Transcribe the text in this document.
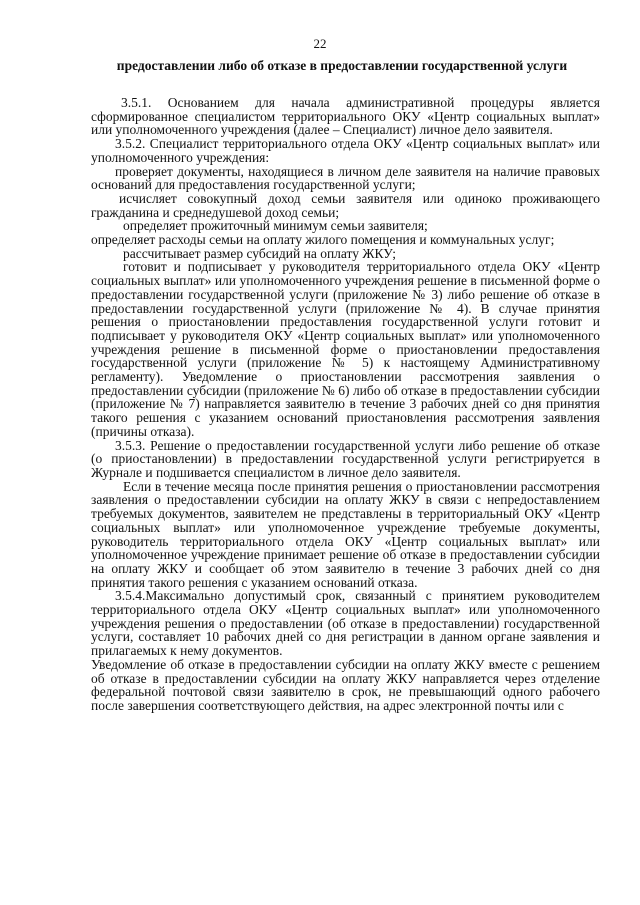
22
предоставлении либо об отказе в предоставлении государственной услуги

3.5.1. Основанием для начала административной процедуры является сформированное специалистом территориального ОКУ «Центр социальных выплат» или уполномоченного учреждения (далее – Специалист) личное дело заявителя.

3.5.2. Специалист территориального отдела ОКУ «Центр социальных выплат» или уполномоченного учреждения:

проверяет документы, находящиеся в личном деле заявителя на наличие правовых оснований для предоставления государственной услуги;

исчисляет совокупный доход семьи заявителя или одиноко проживающего гражданина и среднедушевой доход семьи;

определяет прожиточный минимум семьи заявителя;

определяет расходы семьи на оплату жилого помещения и коммунальных услуг;

рассчитывает размер субсидий на оплату ЖКУ;

готовит и подписывает у руководителя территориального отдела ОКУ «Центр социальных выплат» или уполномоченного учреждения решение в письменной форме о предоставлении государственной услуги (приложение № 3) либо решение об отказе в предоставлении государственной услуги (приложение № 4). В случае принятия решения о приостановлении предоставления государственной услуги готовит и подписывает у руководителя ОКУ «Центр социальных выплат» или уполномоченного учреждения решение в письменной форме о приостановлении предоставления государственной услуги (приложение № 5) к настоящему Административному регламенту). Уведомление о приостановлении рассмотрения заявления о предоставлении субсидии (приложение № 6) либо об отказе в предоставлении субсидии (приложение № 7) направляется заявителю в течение 3 рабочих дней со дня принятия такого решения с указанием оснований приостановления рассмотрения заявления (причины отказа).

3.5.3. Решение о предоставлении государственной услуги либо решение об отказе (о приостановлении) в предоставлении государственной услуги регистрируется в Журнале и подшивается специалистом в личное дело заявителя.

Если в течение месяца после принятия решения о приостановлении рассмотрения заявления о предоставлении субсидии на оплату ЖКУ в связи с непредоставлением требуемых документов, заявителем не представлены в территориальный ОКУ «Центр социальных выплат» или уполномоченное учреждение требуемые документы, руководитель территориального отдела ОКУ «Центр социальных выплат» или уполномоченное учреждение принимает решение об отказе в предоставлении субсидии на оплату ЖКУ и сообщает об этом заявителю в течение 3 рабочих дней со дня принятия такого решения с указанием оснований отказа.

3.5.4.Максимально допустимый срок, связанный с принятием руководителем территориального отдела ОКУ «Центр социальных выплат» или уполномоченного учреждения решения о предоставлении (об отказе в предоставлении) государственной услуги, составляет 10 рабочих дней со дня регистрации в данном органе заявления и прилагаемых к нему документов.

Уведомление об отказе в предоставлении субсидии на оплату ЖКУ вместе с решением об отказе в предоставлении субсидии на оплату ЖКУ направляется через отделение федеральной почтовой связи заявителю в срок, не превышающий одного рабочего после завершения соответствующего действия, на адрес электронной почты или с
